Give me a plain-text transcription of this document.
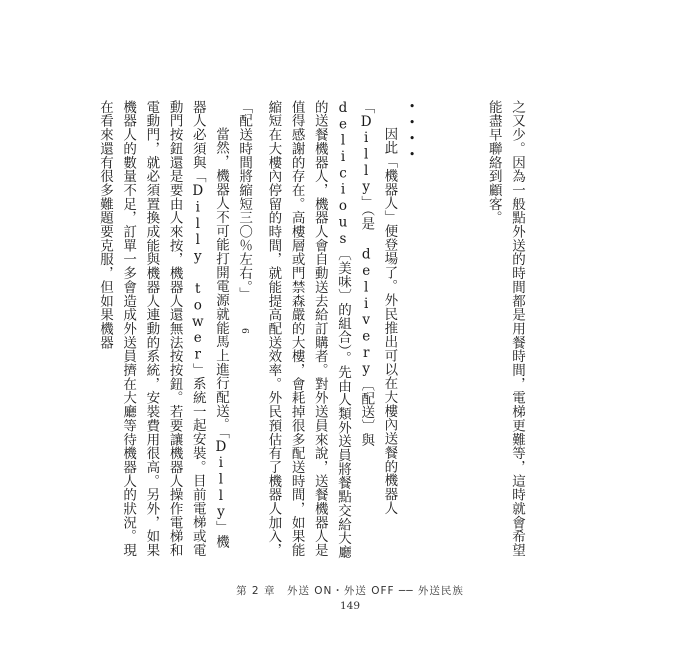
之又少。因為一般點外送的時間都是用餐時間，電梯更難等，這時就會希望能盡早聯絡到顧客。

••••

因此「機器人」便登場了。外民推出可以在大樓內送餐的機器人「Dilly」（是 delivery〔配送〕與 delicious〔美味〕的組合）。先由人類外送員將餐點交給大廳的送餐機器人，機器人會自動送去給訂購者。對外送員來說，送餐機器人是值得感謝的存在。高樓層或門禁森嚴的大樓，會耗掉很多配送時間，如果能縮短在大樓內停留的時間，就能提高配送效率。外民預估有了機器人加入，「配送時間將縮短三〇％左右。」6

當然，機器人不可能打開電源就能馬上進行配送。「Dilly」機器人必須與「Dilly tower」系統一起安裝。目前電梯或電動門按鈕還是要由人來按，機器人還無法按按鈕。若要讓機器人操作電梯和電動門，就必須置換成能與機器人連動的系統，安裝費用很高。另外，如果機器人的數量不足，訂單一多會造成外送員擠在大廳等待機器人的狀況。現在看來還有很多難題要克服，但如果機器

第 2 章　外送 ON・外送 OFF ── 外送民族
149
